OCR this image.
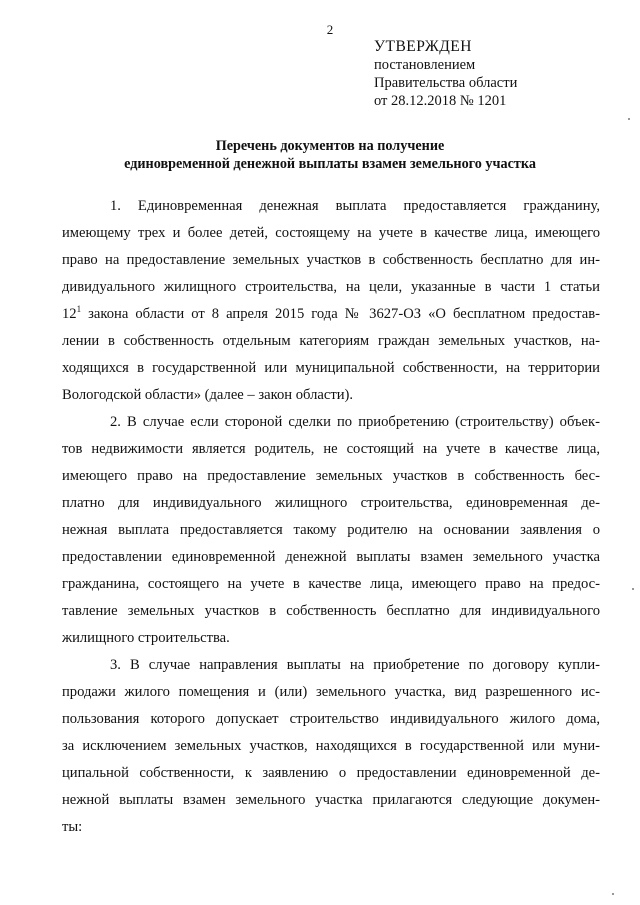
2
УТВЕРЖДЕН
постановлением
Правительства области
от 28.12.2018 № 1201
Перечень документов на получение
единовременной денежной выплаты взамен земельного участка
1. Единовременная денежная выплата предоставляется гражданину,
имеющему трех и более детей, состоящему на учете в качестве лица, имеющего
право на предоставление земельных участков в собственность бесплатно для ин-
дивидуального жилищного строительства, на цели, указанные в части 1 статьи
$12^1$ закона области от 8 апреля 2015 года № 3627-ОЗ «О бесплатном предостав-
лении в собственность отдельным категориям граждан земельных участков, на-
ходящихся в государственной или муниципальной собственности, на территории
Вологодской области» (далее – закон области).
2. В случае если стороной сделки по приобретению (строительству) объек-
тов недвижимости является родитель, не состоящий на учете в качестве лица,
имеющего право на предоставление земельных участков в собственность бес-
платно для индивидуального жилищного строительства, единовременная де-
нежная выплата предоставляется такому родителю на основании заявления о
предоставлении единовременной денежной выплаты взамен земельного участка
гражданина, состоящего на учете в качестве лица, имеющего право на предос-
тавление земельных участков в собственность бесплатно для индивидуального
жилищного строительства.
3. В случае направления выплаты на приобретение по договору купли-
продажи жилого помещения и (или) земельного участка, вид разрешенного ис-
пользования которого допускает строительство индивидуального жилого дома,
за исключением земельных участков, находящихся в государственной или муни-
ципальной собственности, к заявлению о предоставлении единовременной де-
нежной выплаты взамен земельного участка прилагаются следующие докумен-
ты:
